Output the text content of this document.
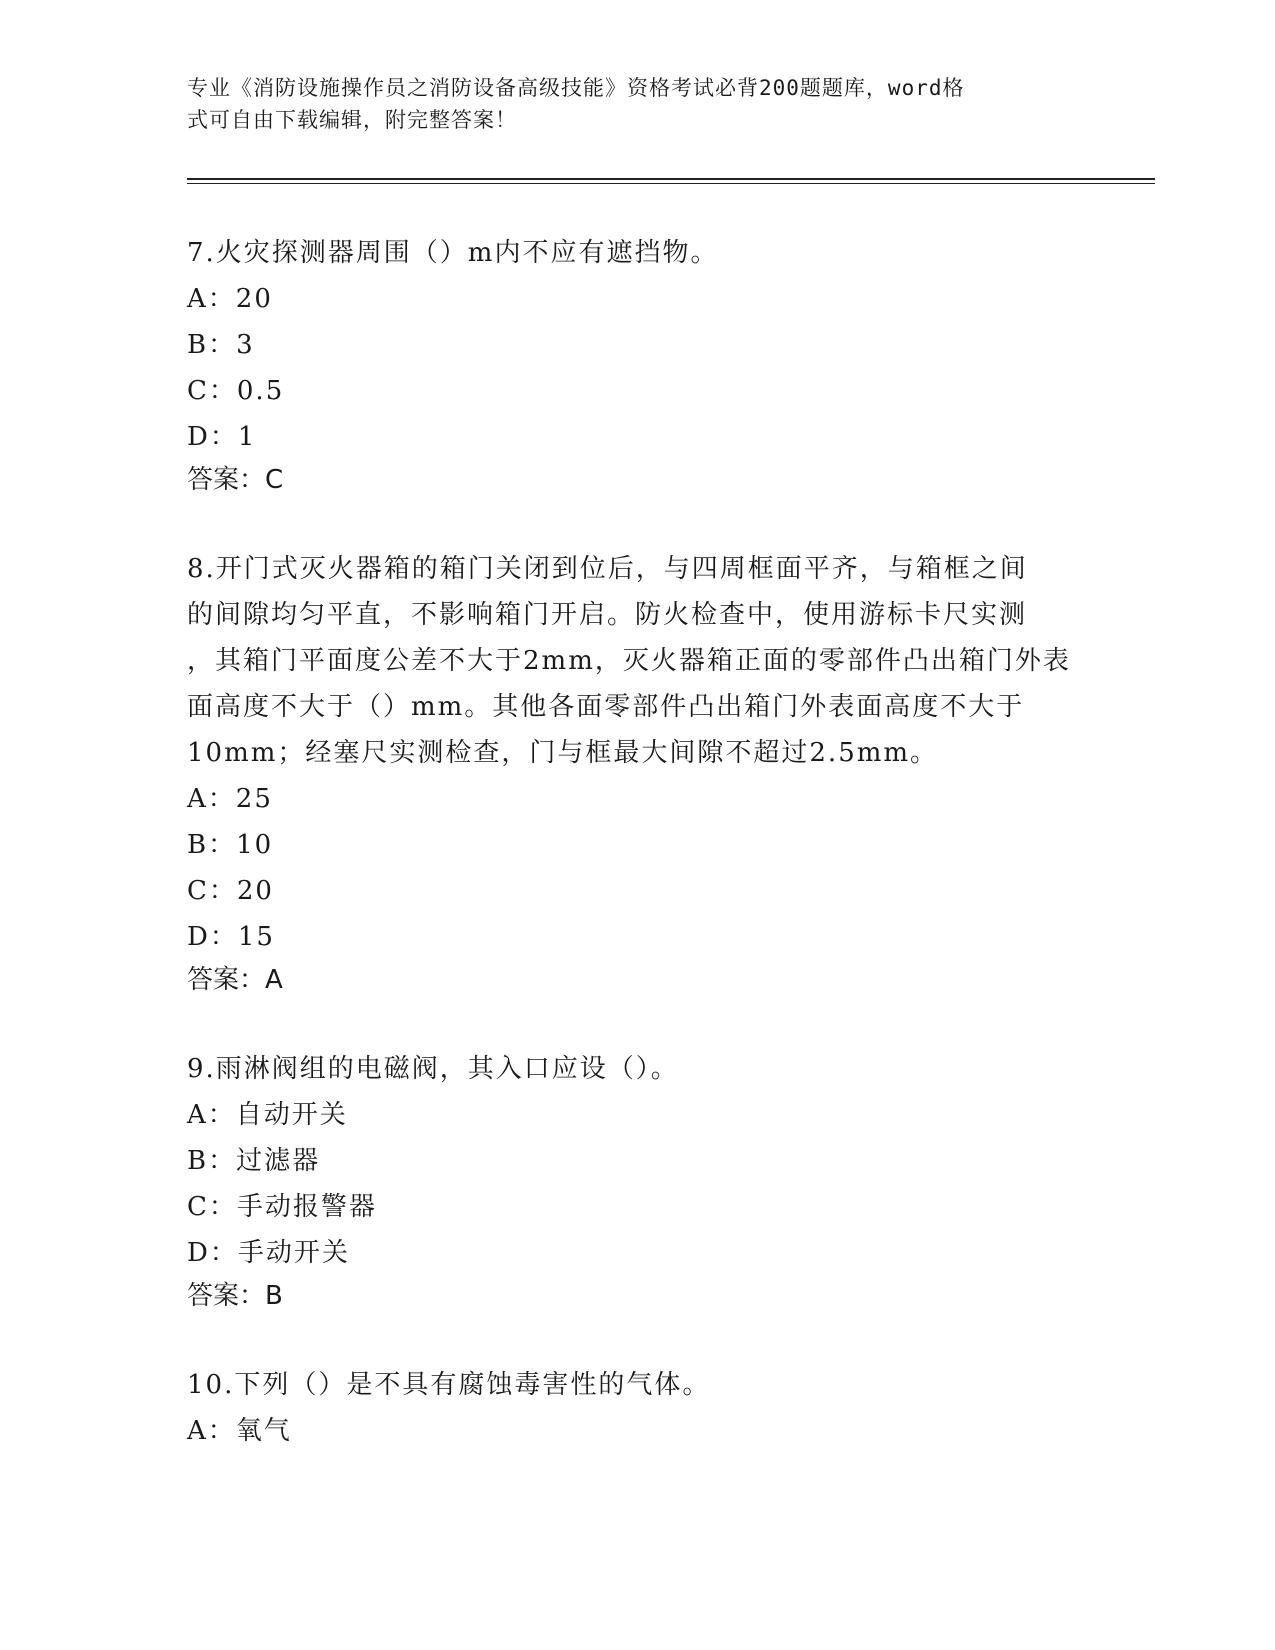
专业《消防设施操作员之消防设备高级技能》资格考试必背200题题库，word格
式可自由下载编辑，附完整答案！

7.火灾探测器周围（）m内不应有遮挡物。

A：20

B：3

C：0.5

D：1

答案：C

8.开门式灭火器箱的箱门关闭到位后，与四周框面平齐，与箱框之间

的间隙均匀平直，不影响箱门开启。防火检查中，使用游标卡尺实测

，其箱门平面度公差不大于2mm，灭火器箱正面的零部件凸出箱门外表

面高度不大于（）mm。其他各面零部件凸出箱门外表面高度不大于

10mm；经塞尺实测检查，门与框最大间隙不超过2.5mm。

A：25

B：10

C：20

D：15

答案：A

9.雨淋阀组的电磁阀，其入口应设（）。

A：自动开关

B：过滤器

C：手动报警器

D：手动开关

答案：B

10.下列（）是不具有腐蚀毒害性的气体。

A：氧气
